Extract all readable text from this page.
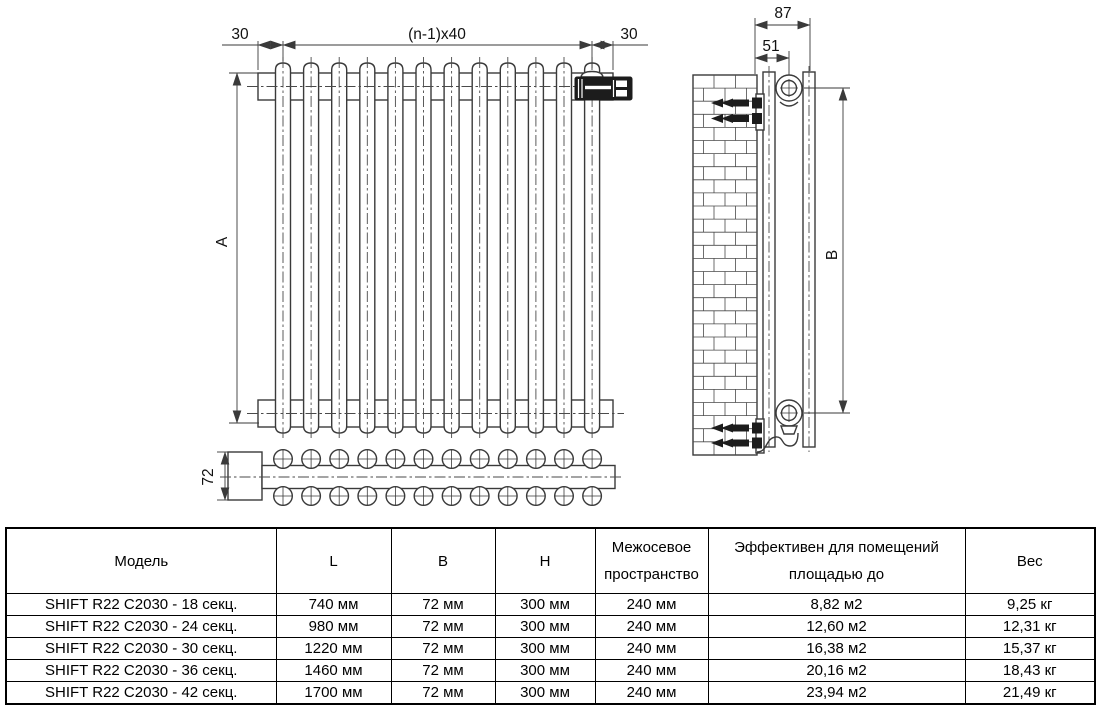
30	(n-1)x40	30
A
87
51
B
72
Модель	L	B	H	Межосевое пространство	Эффективен для помещений площадью до	Вес
SHIFT R22 C2030 - 18 секц.	740 мм	72 мм	300 мм	240 мм	8,82 м2	9,25 кг
SHIFT R22 C2030 - 24 секц.	980 мм	72 мм	300 мм	240 мм	12,60 м2	12,31 кг
SHIFT R22 C2030 - 30 секц.	1220 мм	72 мм	300 мм	240 мм	16,38 м2	15,37 кг
SHIFT R22 C2030 - 36 секц.	1460 мм	72 мм	300 мм	240 мм	20,16 м2	18,43 кг
SHIFT R22 C2030 - 42 секц.	1700 мм	72 мм	300 мм	240 мм	23,94 м2	21,49 кг
